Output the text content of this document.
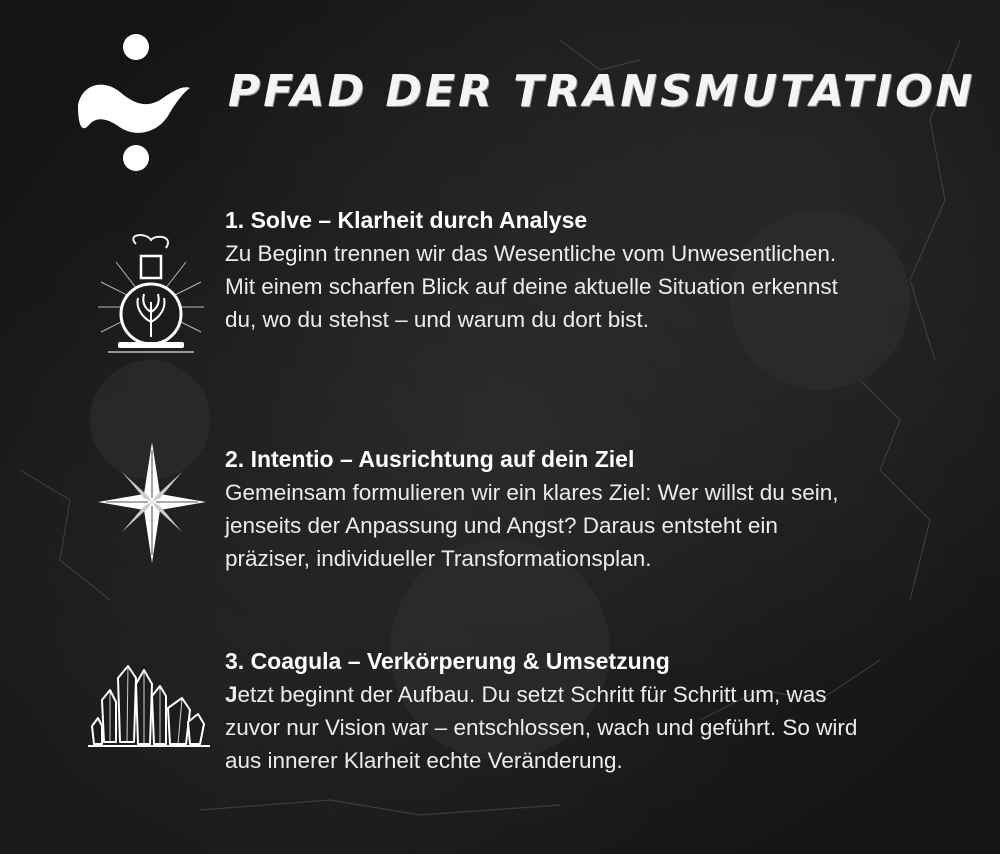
PFAD DER TRANSMUTATION
1. Solve – Klarheit durch Analyse

Zu Beginn trennen wir das Wesentliche vom Unwesentlichen. Mit einem scharfen Blick auf deine aktuelle Situation erkennst du, wo du stehst – und warum du dort bist.

2. Intentio – Ausrichtung auf dein Ziel

Gemeinsam formulieren wir ein klares Ziel: Wer willst du sein, jenseits der Anpassung und Angst? Daraus entsteht ein präziser, individueller Transformationsplan.

3. Coagula – Verkörperung & Umsetzung

Jetzt beginnt der Aufbau. Du setzt Schritt für Schritt um, was zuvor nur Vision war – entschlossen, wach und geführt. So wird aus innerer Klarheit echte Veränderung.
